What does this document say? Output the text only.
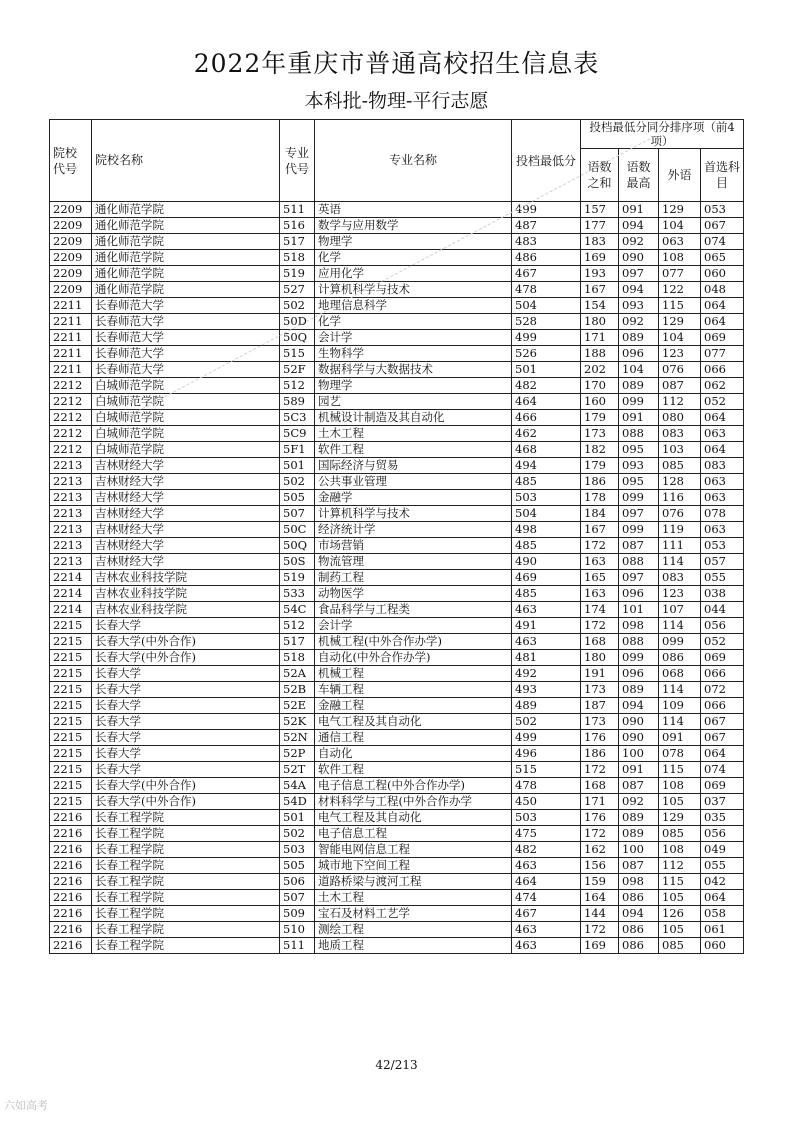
2022年重庆市普通高校招生信息表
本科批-物理-平行志愿
院校代号	院校名称	专业代号	专业名称	投档最低分	投档最低分同分排序项（前4项）			
					语数之和	语数最高	外语	首选科目
2209	通化师范学院	511	英语	499	157	091	129	053
2209	通化师范学院	516	数学与应用数学	487	177	094	104	067
2209	通化师范学院	517	物理学	483	183	092	063	074
2209	通化师范学院	518	化学	486	169	090	108	065
2209	通化师范学院	519	应用化学	467	193	097	077	060
2209	通化师范学院	527	计算机科学与技术	478	167	094	122	048
2211	长春师范大学	502	地理信息科学	504	154	093	115	064
2211	长春师范大学	50D	化学	528	180	092	129	064
2211	长春师范大学	50Q	会计学	499	171	089	104	069
2211	长春师范大学	515	生物科学	526	188	096	123	077
2211	长春师范大学	52F	数据科学与大数据技术	501	202	104	076	066
2212	白城师范学院	512	物理学	482	170	089	087	062
2212	白城师范学院	589	园艺	464	160	099	112	052
2212	白城师范学院	5C3	机械设计制造及其自动化	466	179	091	080	064
2212	白城师范学院	5C9	土木工程	462	173	088	083	063
2212	白城师范学院	5F1	软件工程	468	182	095	103	064
2213	吉林财经大学	501	国际经济与贸易	494	179	093	085	083
2213	吉林财经大学	502	公共事业管理	485	186	095	128	063
2213	吉林财经大学	505	金融学	503	178	099	116	063
2213	吉林财经大学	507	计算机科学与技术	504	184	097	076	078
2213	吉林财经大学	50C	经济统计学	498	167	099	119	063
2213	吉林财经大学	50Q	市场营销	485	172	087	111	053
2213	吉林财经大学	50S	物流管理	490	163	088	114	057
2214	吉林农业科技学院	519	制药工程	469	165	097	083	055
2214	吉林农业科技学院	533	动物医学	485	163	096	123	038
2214	吉林农业科技学院	54C	食品科学与工程类	463	174	101	107	044
2215	长春大学	512	会计学	491	172	098	114	056
2215	长春大学(中外合作)	517	机械工程(中外合作办学)	463	168	088	099	052
2215	长春大学(中外合作)	518	自动化(中外合作办学)	481	180	099	086	069
2215	长春大学	52A	机械工程	492	191	096	068	066
2215	长春大学	52B	车辆工程	493	173	089	114	072
2215	长春大学	52E	金融工程	489	187	094	109	066
2215	长春大学	52K	电气工程及其自动化	502	173	090	114	067
2215	长春大学	52N	通信工程	499	176	090	091	067
2215	长春大学	52P	自动化	496	186	100	078	064
2215	长春大学	52T	软件工程	515	172	091	115	074
2215	长春大学(中外合作)	54A	电子信息工程(中外合作办学)	478	168	087	108	069
2215	长春大学(中外合作)	54D	材料科学与工程(中外合作办学	450	171	092	105	037
2216	长春工程学院	501	电气工程及其自动化	503	176	089	129	035
2216	长春工程学院	502	电子信息工程	475	172	089	085	056
2216	长春工程学院	503	智能电网信息工程	482	162	100	108	049
2216	长春工程学院	505	城市地下空间工程	463	156	087	112	055
2216	长春工程学院	506	道路桥梁与渡河工程	464	159	098	115	042
2216	长春工程学院	507	土木工程	474	164	086	105	064
2216	长春工程学院	509	宝石及材料工艺学	467	144	094	126	058
2216	长春工程学院	510	测绘工程	463	172	086	105	061
2216	长春工程学院	511	地质工程	463	169	086	085	060
42/213
六如高考
